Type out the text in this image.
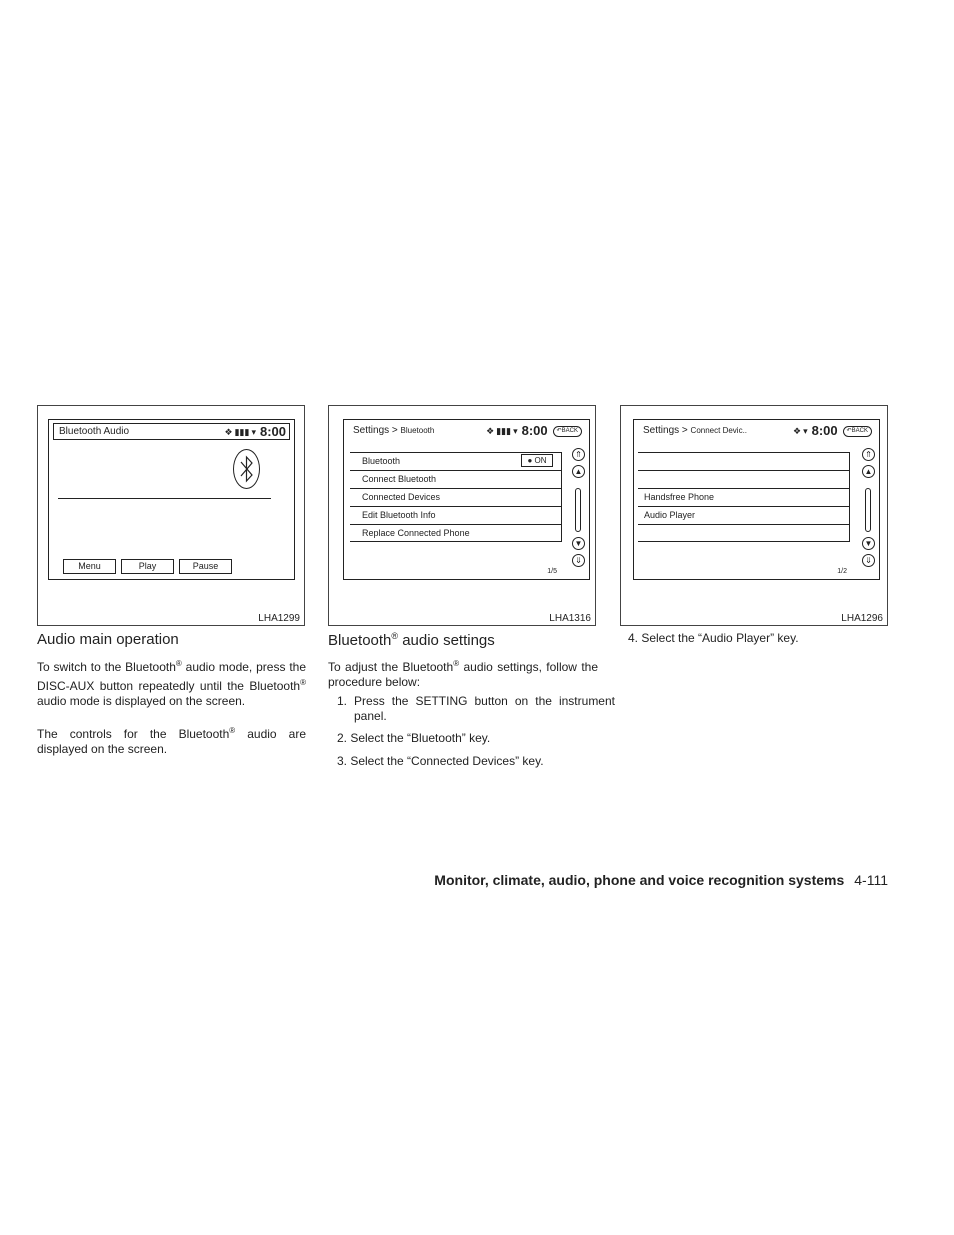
Bluetooth Audio	❖ ▮▮▮ ▾ 8:00
Menu	Play	Pause
LHA1299
Settings > Bluetooth	❖ ▮▮▮ ▾ 8:00	↶BACK
Bluetooth	● ON
Connect Bluetooth
Connected Devices
Edit Bluetooth Info
Replace Connected Phone
⇑
▲
▼
⇓
1/5
LHA1316
Settings > Connect Devic..	❖ ▾ 8:00	↶BACK
Handsfree Phone
Audio Player
⇑
▲
▼
⇓
1/2
LHA1296
Audio main operation

To switch to the Bluetooth® audio mode, press the DISC-AUX button repeatedly until the Bluetooth® audio mode is displayed on the screen.

The controls for the Bluetooth® audio are displayed on the screen.

Bluetooth® audio settings

To adjust the Bluetooth® audio settings, follow the procedure below:

1. Press the SETTING button on the instrument panel.

2. Select the “Bluetooth” key.

3. Select the “Connected Devices” key.

4. Select the “Audio Player” key.

Monitor, climate, audio, phone and voice recognition systems 4-111
